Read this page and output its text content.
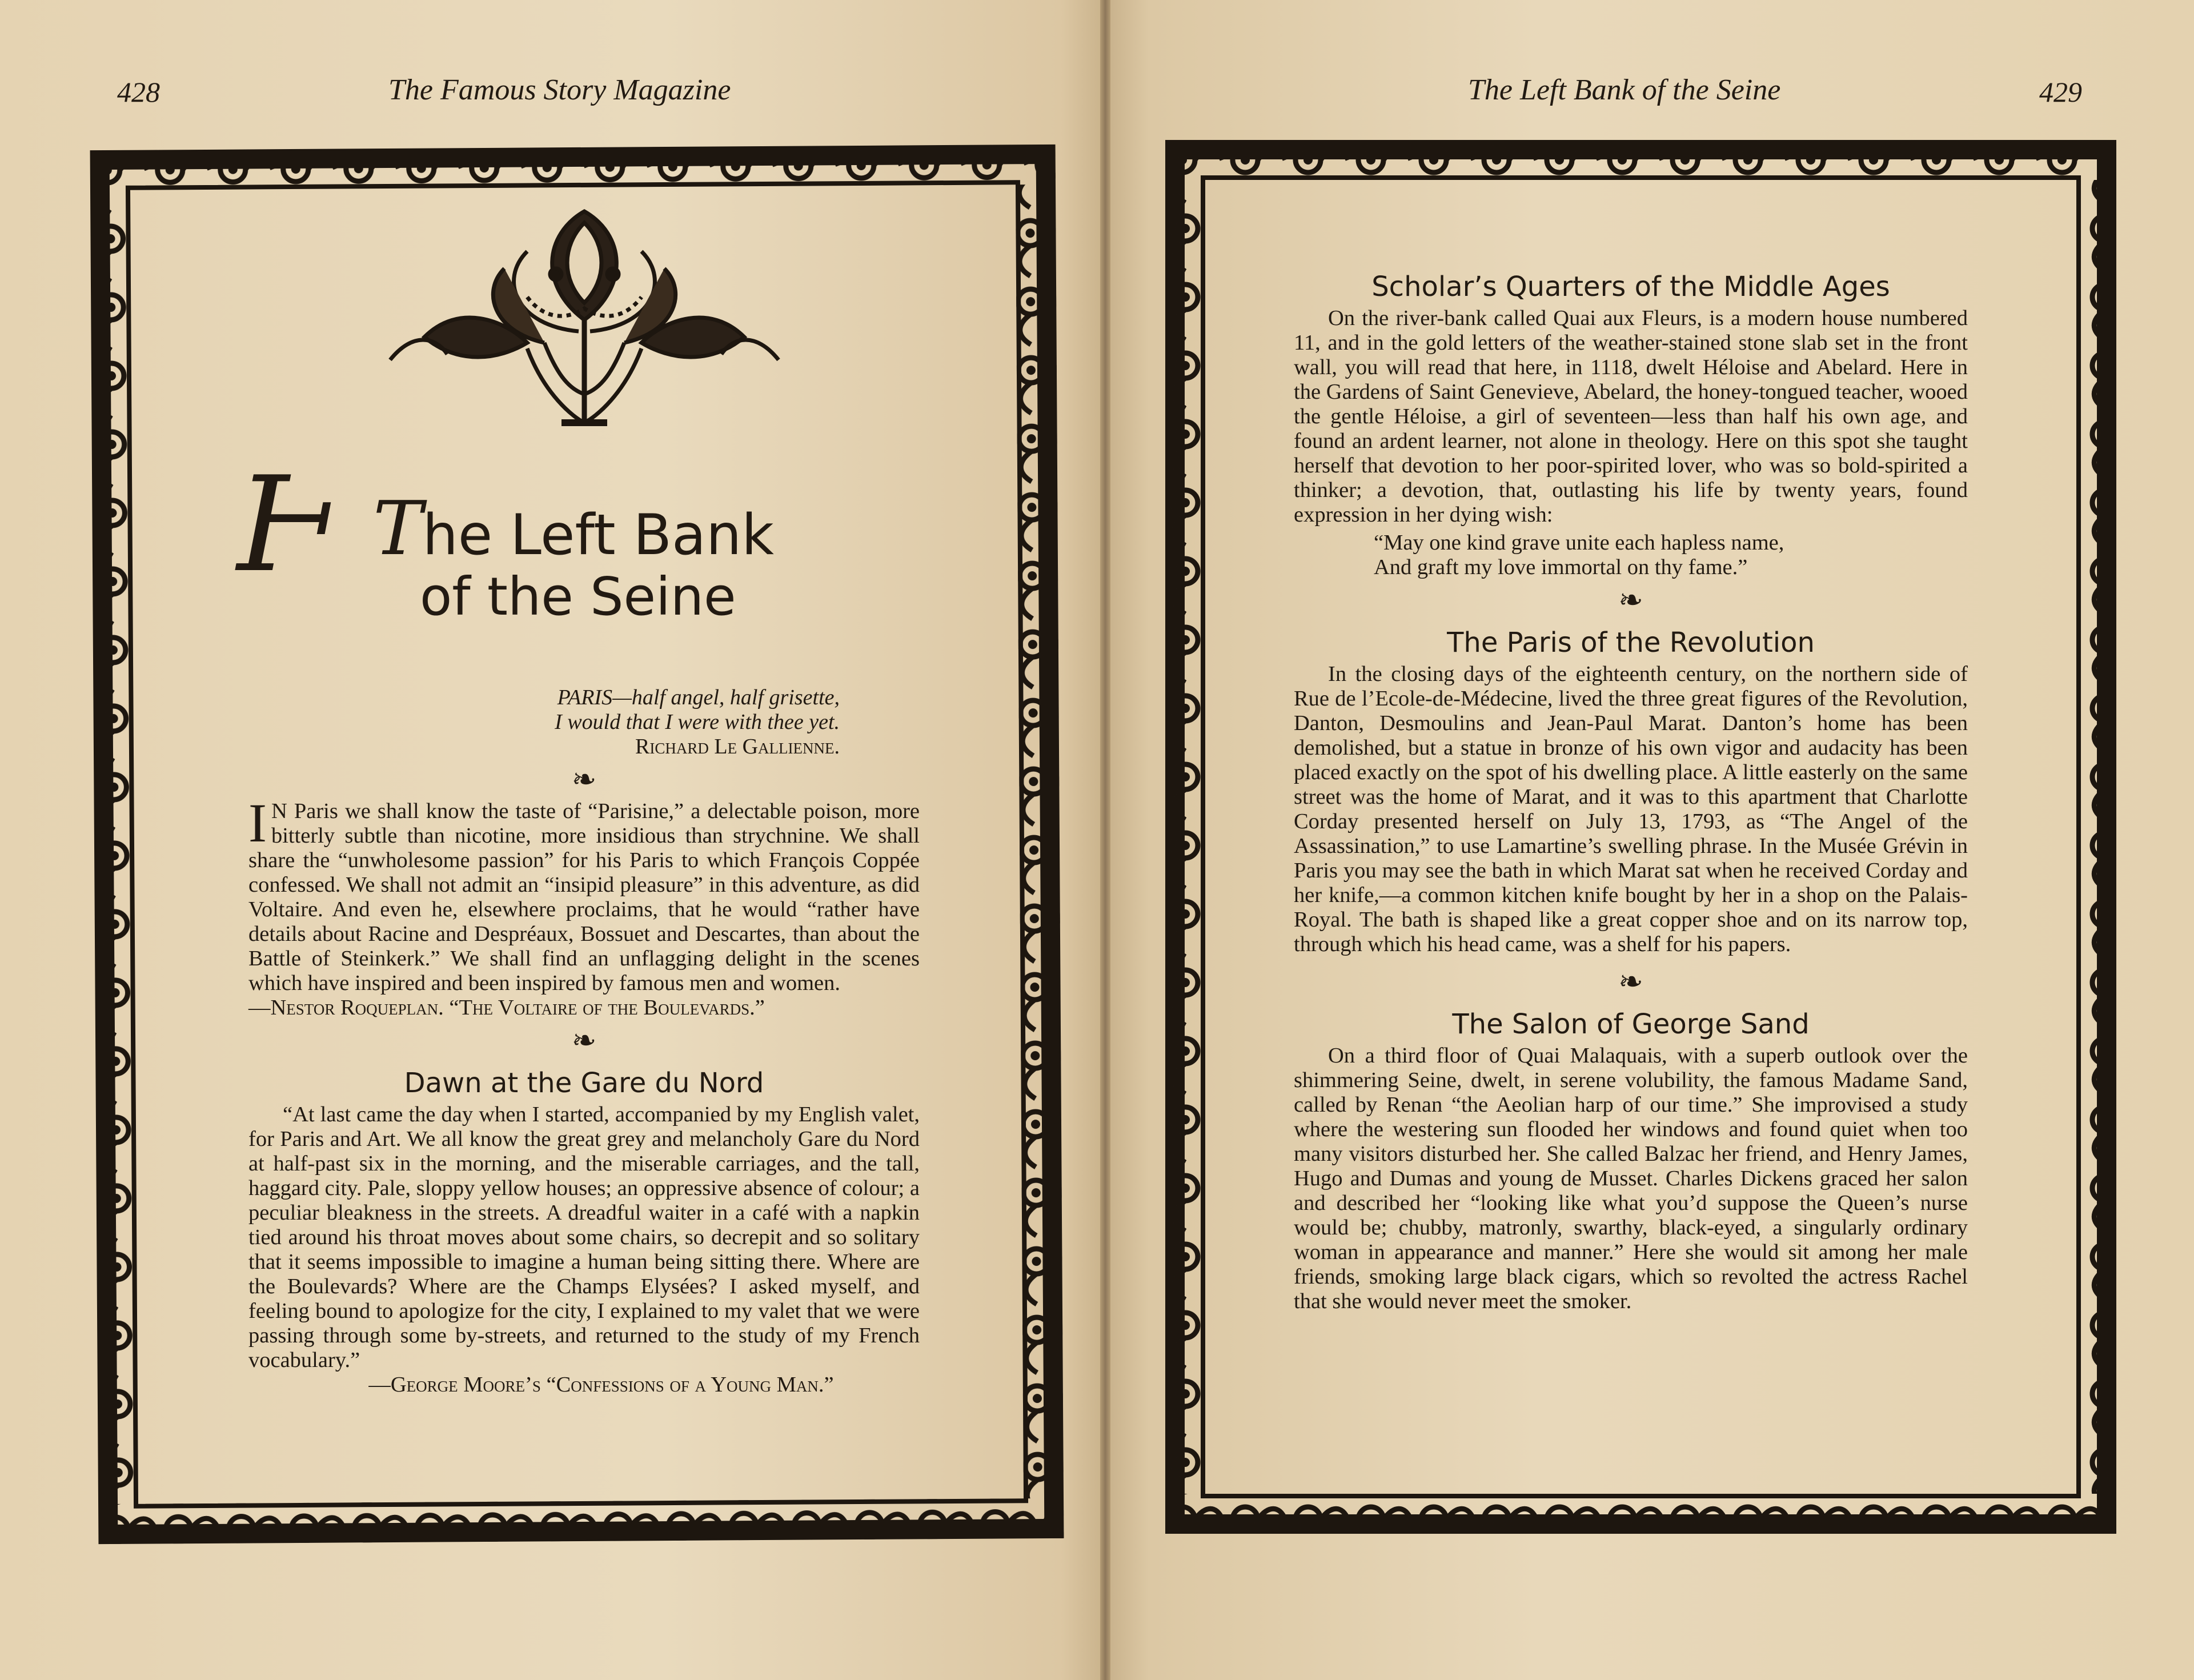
428	The Famous Story Magazine	The Left Bank of the Seine	429
Ⱶ The Left Bank
of the Seine
PARIS—half angel, half grisette,
I would that I were with thee yet.
Richard Le Gallienne.
❧

I N Paris we shall know the taste of “Parisine,” a delectable poison, more bitterly subtle than nicotine, more insidious than strychnine. We shall share the “unwholesome passion” for his Paris to which François Coppée confessed. We shall not admit an “insipid pleasure” in this adventure, as did Voltaire. And even he, elsewhere proclaims, that he would “rather have details about Racine and Despréaux, Bossuet and Descartes, than about the Battle of Steinkerk.” We shall find an unflagging delight in the scenes which have inspired and been inspired by famous men and women.

—Nestor Roqueplan. “The Voltaire of the Boulevards.”

❧
Dawn at the Gare du Nord

“At last came the day when I started, accompanied by my English valet, for Paris and Art. We all know the great grey and melancholy Gare du Nord at half-past six in the morning, and the miserable carriages, and the tall, haggard city. Pale, sloppy yellow houses; an oppressive absence of colour; a peculiar bleakness in the streets. A dreadful waiter in a café with a napkin tied around his throat moves about some chairs, so decrepit and so solitary that it seems impossible to imagine a human being sitting there. Where are the Boulevards? Where are the Champs Elysées? I asked myself, and feeling bound to apologize for the city, I explained to my valet that we were passing through some by-streets, and returned to the study of my French vocabulary.”

—George Moore’s “Confessions of a Young Man.”

Scholar’s Quarters of the Middle Ages

On the river-bank called Quai aux Fleurs, is a modern house numbered 11, and in the gold letters of the weather-stained stone slab set in the front wall, you will read that here, in 1118, dwelt Héloise and Abelard. Here in the Gardens of Saint Genevieve, Abelard, the honey-tongued teacher, wooed the gentle Héloise, a girl of seventeen—less than half his own age, and found an ardent learner, not alone in theology. Here on this spot she taught herself that devotion to her poor-spirited lover, who was so bold-spirited a thinker; a devotion, that, outlasting his life by twenty years, found expression in her dying wish:

“May one kind grave unite each hapless name,
And graft my love immortal on thy fame.”
❧
The Paris of the Revolution

In the closing days of the eighteenth century, on the northern side of Rue de l’Ecole-de-Médecine, lived the three great figures of the Revolution, Danton, Desmoulins and Jean-Paul Marat. Danton’s home has been demolished, but a statue in bronze of his own vigor and audacity has been placed exactly on the spot of his dwelling place. A little easterly on the same street was the home of Marat, and it was to this apartment that Charlotte Corday presented herself on July 13, 1793, as “The Angel of the Assassination,” to use Lamartine’s swelling phrase. In the Musée Grévin in Paris you may see the bath in which Marat sat when he received Corday and her knife,—a common kitchen knife bought by her in a shop on the Palais-Royal. The bath is shaped like a great copper shoe and on its narrow top, through which his head came, was a shelf for his papers.

❧
The Salon of George Sand

On a third floor of Quai Malaquais, with a superb outlook over the shimmering Seine, dwelt, in serene volubility, the famous Madame Sand, called by Renan “the Aeolian harp of our time.” She improvised a study where the westering sun flooded her windows and found quiet when too many visitors disturbed her. She called Balzac her friend, and Henry James, Hugo and Dumas and young de Musset. Charles Dickens graced her salon and described her “looking like what you’d suppose the Queen’s nurse would be; chubby, matronly, swarthy, black-eyed, a singularly ordinary woman in appearance and manner.” Here she would sit among her male friends, smoking large black cigars, which so revolted the actress Rachel that she would never meet the smoker.
